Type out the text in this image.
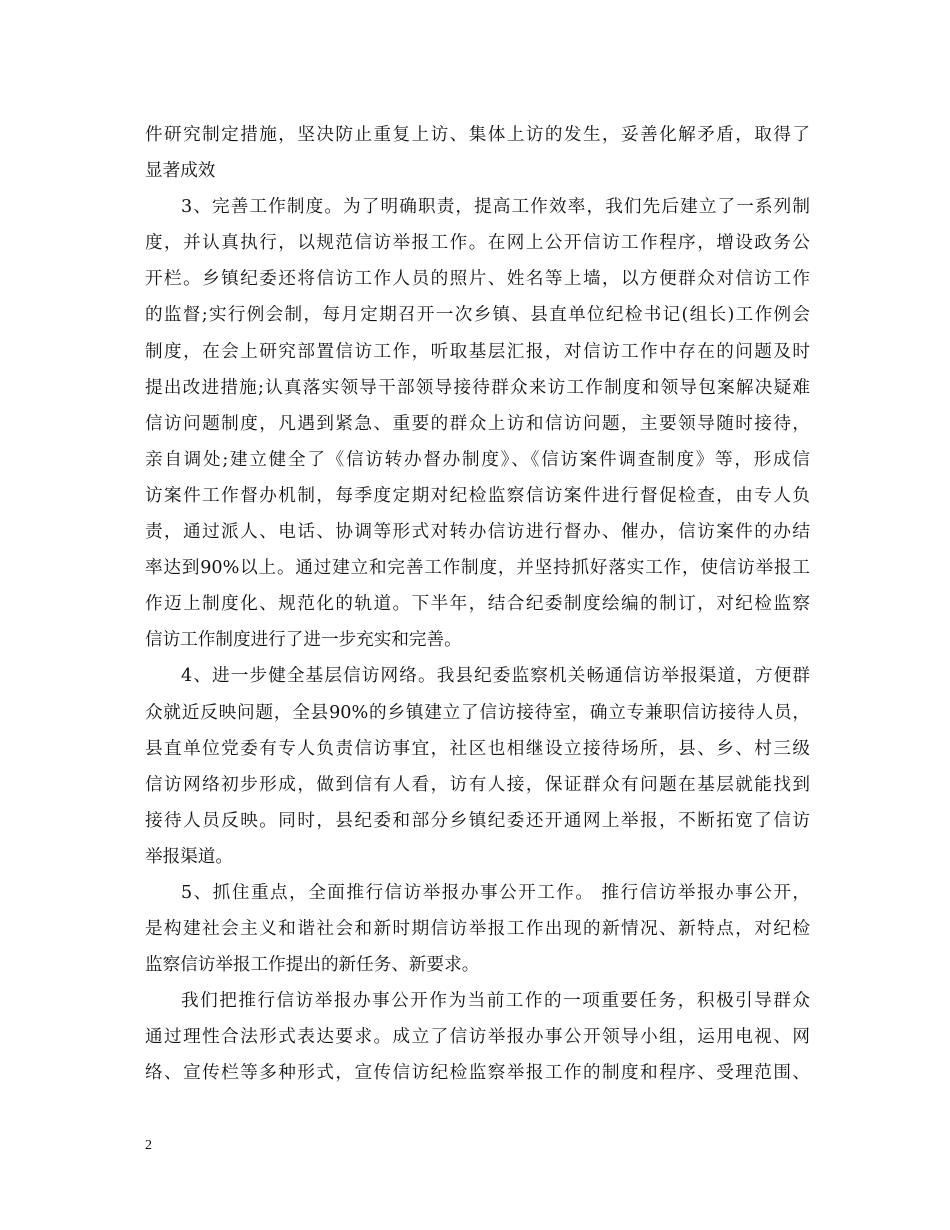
件研究制定措施，坚决防止重复上访、集体上访的发生，妥善化解矛盾，取得了
显著成效
3、完善工作制度。为了明确职责，提高工作效率，我们先后建立了一系列制
度，并认真执行，以规范信访举报工作。在网上公开信访工作程序，增设政务公
开栏。乡镇纪委还将信访工作人员的照片、姓名等上墙，以方便群众对信访工作
的监督;实行例会制，每月定期召开一次乡镇、县直单位纪检书记(组长)工作例会
制度，在会上研究部置信访工作，听取基层汇报，对信访工作中存在的问题及时
提出改进措施;认真落实领导干部领导接待群众来访工作制度和领导包案解决疑难
信访问题制度，凡遇到紧急、重要的群众上访和信访问题，主要领导随时接待，
亲自调处;建立健全了《信访转办督办制度》、《信访案件调查制度》等，形成信
访案件工作督办机制，每季度定期对纪检监察信访案件进行督促检查，由专人负
责，通过派人、电话、协调等形式对转办信访进行督办、催办，信访案件的办结
率达到90%以上。通过建立和完善工作制度，并坚持抓好落实工作，使信访举报工
作迈上制度化、规范化的轨道。下半年，结合纪委制度绘编的制订，对纪检监察
信访工作制度进行了进一步充实和完善。
4、进一步健全基层信访网络。我县纪委监察机关畅通信访举报渠道，方便群
众就近反映问题，全县90%的乡镇建立了信访接待室，确立专兼职信访接待人员，
县直单位党委有专人负责信访事宜，社区也相继设立接待场所，县、乡、村三级
信访网络初步形成，做到信有人看，访有人接，保证群众有问题在基层就能找到
接待人员反映。同时，县纪委和部分乡镇纪委还开通网上举报，不断拓宽了信访
举报渠道。
5、抓住重点，全面推行信访举报办事公开工作。 推行信访举报办事公开，
是构建社会主义和谐社会和新时期信访举报工作出现的新情况、新特点，对纪检
监察信访举报工作提出的新任务、新要求。
我们把推行信访举报办事公开作为当前工作的一项重要任务，积极引导群众
通过理性合法形式表达要求。成立了信访举报办事公开领导小组，运用电视、网
络、宣传栏等多种形式，宣传信访纪检监察举报工作的制度和程序、受理范围、
2
